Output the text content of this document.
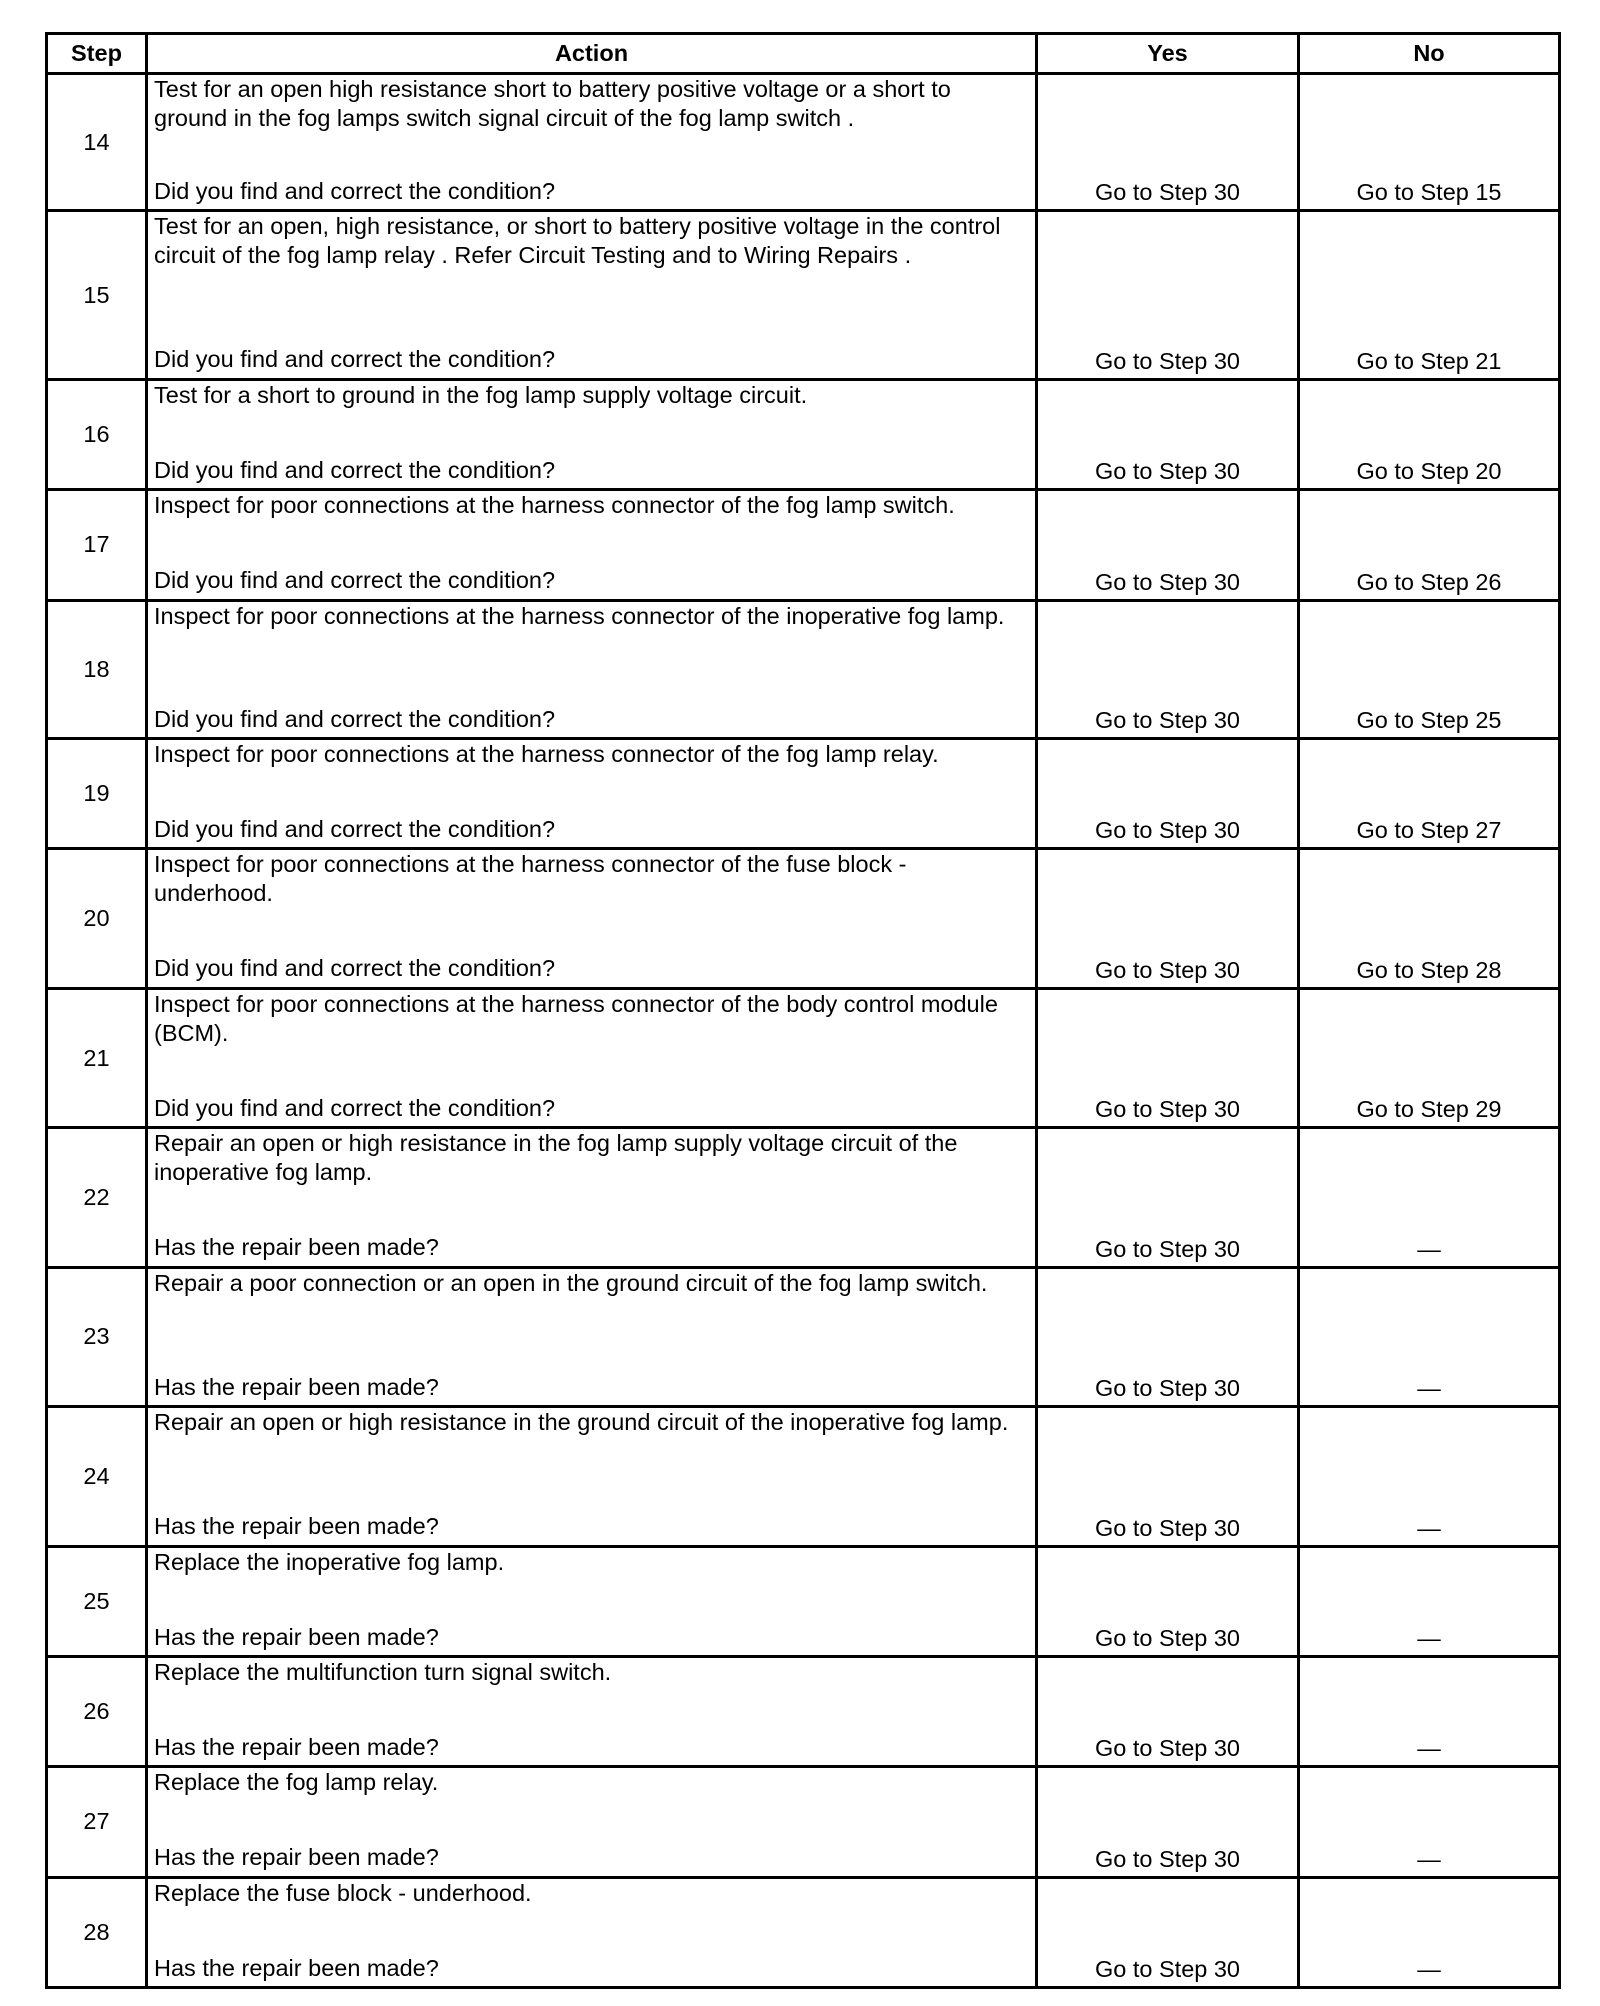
Step	Action	Yes	No
14	Test for an open high resistance short to battery positive voltage or a short to ground in the fog lamps switch signal circuit of the fog lamp switch .
Did you find and correct the condition?	Go to Step 30	Go to Step 15
15	Test for an open, high resistance, or short to battery positive voltage in the control circuit of the fog lamp relay . Refer Circuit Testing and to Wiring Repairs .
Did you find and correct the condition?	Go to Step 30	Go to Step 21
16	Test for a short to ground in the fog lamp supply voltage circuit.
Did you find and correct the condition?	Go to Step 30	Go to Step 20
17	Inspect for poor connections at the harness connector of the fog lamp switch.
Did you find and correct the condition?	Go to Step 30	Go to Step 26
18	Inspect for poor connections at the harness connector of the inoperative fog lamp.
Did you find and correct the condition?	Go to Step 30	Go to Step 25
19	Inspect for poor connections at the harness connector of the fog lamp relay.
Did you find and correct the condition?	Go to Step 30	Go to Step 27
20	Inspect for poor connections at the harness connector of the fuse block - underhood.
Did you find and correct the condition?	Go to Step 30	Go to Step 28
21	Inspect for poor connections at the harness connector of the body control module (BCM).
Did you find and correct the condition?	Go to Step 30	Go to Step 29
22	Repair an open or high resistance in the fog lamp supply voltage circuit of the inoperative fog lamp.
Has the repair been made?	Go to Step 30	—
23	Repair a poor connection or an open in the ground circuit of the fog lamp switch.
Has the repair been made?	Go to Step 30	—
24	Repair an open or high resistance in the ground circuit of the inoperative fog lamp.
Has the repair been made?	Go to Step 30	—
25	Replace the inoperative fog lamp.
Has the repair been made?	Go to Step 30	—
26	Replace the multifunction turn signal switch.
Has the repair been made?	Go to Step 30	—
27	Replace the fog lamp relay.
Has the repair been made?	Go to Step 30	—
28	Replace the fuse block - underhood.
Has the repair been made?	Go to Step 30	—
